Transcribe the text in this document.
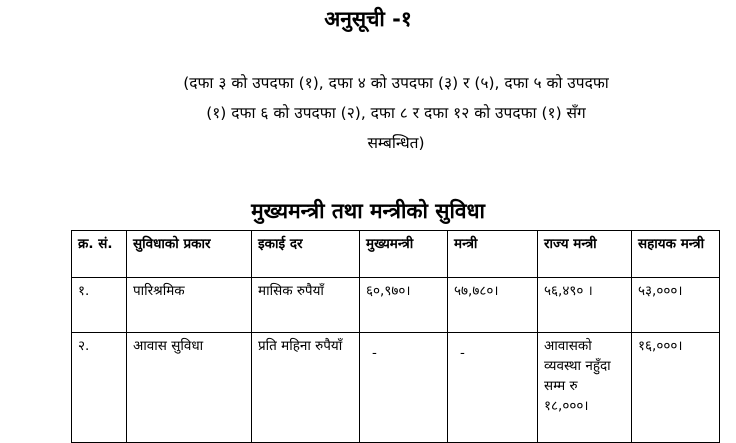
अनुसूची -१
(दफा ३ को उपदफा (१), दफा ४ को उपदफा (३) र (५), दफा ५ को उपदफा
(१) दफा ६ को उपदफा (२), दफा ८ र दफा १२ को उपदफा (१) सँग
सम्बन्धित)
मुख्यमन्त्री तथा मन्त्रीको सुविधा
क्र. सं.	सुविधाको प्रकार	इकाई दर	मुख्यमन्त्री	मन्त्री	राज्य मन्त्री	सहायक मन्त्री
१.	पारिश्रमिक	मासिक रुपैयाँ	६०,९७०।	५७,७८०।	५६,४९० ।	५३,०००।
२.	आवास सुविधा	प्रति महिना रुपैयाँ	-	-	आवासको व्यवस्था नहुँदा सम्म रु १८,०००।	१६,०००।
